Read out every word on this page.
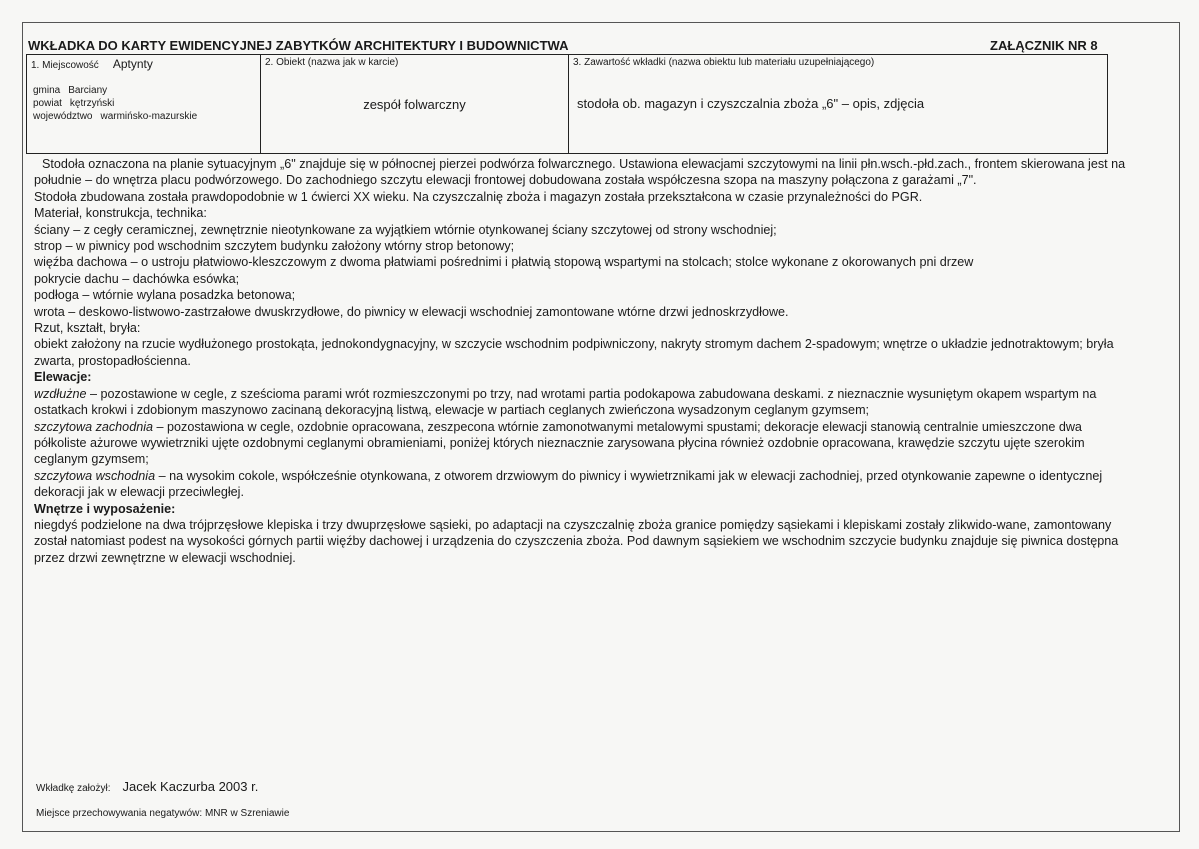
WKŁADKA DO KARTY EWIDENCYJNEJ ZABYTKÓW ARCHITEKTURY I BUDOWNICTWA	ZAŁĄCZNIK NR 8
1. Miejscowość Aptynty
gmina Barciany
powiat kętrzyński
województwo warmińsko-mazurskie
2. Obiekt (nazwa jak w karcie)
zespół folwarczny
3. Zawartość wkładki (nazwa obiektu lub materiału uzupełniającego)
stodoła ob. magazyn i czyszczalnia zboża „6" – opis, zdjęcia

Stodoła oznaczona na planie sytuacyjnym „6" znajduje się w północnej pierzei podwórza folwarcznego. Ustawiona elewacjami szczytowymi na linii płn.wsch.-płd.zach., frontem skierowana jest na południe – do wnętrza placu podwórzowego. Do zachodniego szczytu elewacji frontowej dobudowana została współczesna szopa na maszyny połączona z garażami „7".

Stodoła zbudowana została prawdopodobnie w 1 ćwierci XX wieku. Na czyszczalnię zboża i magazyn została przekształcona w czasie przynależności do PGR.

Materiał, konstrukcja, technika:

ściany – z cegły ceramicznej, zewnętrznie nieotynkowane za wyjątkiem wtórnie otynkowanej ściany szczytowej od strony wschodniej;

strop – w piwnicy pod wschodnim szczytem budynku założony wtórny strop betonowy;

więźba dachowa – o ustroju płatwiowo-kleszczowym z dwoma płatwiami pośrednimi i płatwią stopową wspartymi na stolcach; stolce wykonane z okorowanych pni drzew

pokrycie dachu – dachówka esówka;

podłoga – wtórnie wylana posadzka betonowa;

wrota – deskowo-listwowo-zastrzałowe dwuskrzydłowe, do piwnicy w elewacji wschodniej zamontowane wtórne drzwi jednoskrzydłowe.

Rzut, kształt, bryła:

obiekt założony na rzucie wydłużonego prostokąta, jednokondygnacyjny, w szczycie wschodnim podpiwniczony, nakryty stromym dachem 2-spadowym; wnętrze o układzie jednotraktowym; bryła zwarta, prostopadłościenna.

Elewacje:

wzdłużne – pozostawione w cegle, z sześcioma parami wrót rozmieszczonymi po trzy, nad wrotami partia podokapowa zabudowana deskami. z nieznacznie wysuniętym okapem wspartym na ostatkach krokwi i zdobionym maszynowo zacinaną dekoracyjną listwą, elewacje w partiach ceglanych zwieńczona wysadzonym ceglanym gzymsem;

szczytowa zachodnia – pozostawiona w cegle, ozdobnie opracowana, zeszpecona wtórnie zamonotwanymi metalowymi spustami; dekoracje elewacji stanowią centralnie umieszczone dwa półkoliste ażurowe wywietrzniki ujęte ozdobnymi ceglanymi obramieniami, poniżej których nieznacznie zarysowana płycina również ozdobnie opracowana, krawędzie szczytu ujęte szerokim ceglanym gzymsem;

szczytowa wschodnia – na wysokim cokole, współcześnie otynkowana, z otworem drzwiowym do piwnicy i wywietrznikami jak w elewacji zachodniej, przed otynkowanie zapewne o identycznej dekoracji jak w elewacji przeciwległej.

Wnętrze i wyposażenie:

niegdyś podzielone na dwa trójprzęsłowe klepiska i trzy dwuprzęsłowe sąsieki, po adaptacji na czyszczalnię zboża granice pomiędzy sąsiekami i klepiskami zostały zlikwido-wane, zamontowany został natomiast podest na wysokości górnych partii więźby dachowej i urządzenia do czyszczenia zboża. Pod dawnym sąsiekiem we wschodnim szczycie budynku znajduje się piwnica dostępna przez drzwi zewnętrzne w elewacji wschodniej.

Wkładkę założył: Jacek Kaczurba 2003 r.
Miejsce przechowywania negatywów: MNR w Szreniawie
